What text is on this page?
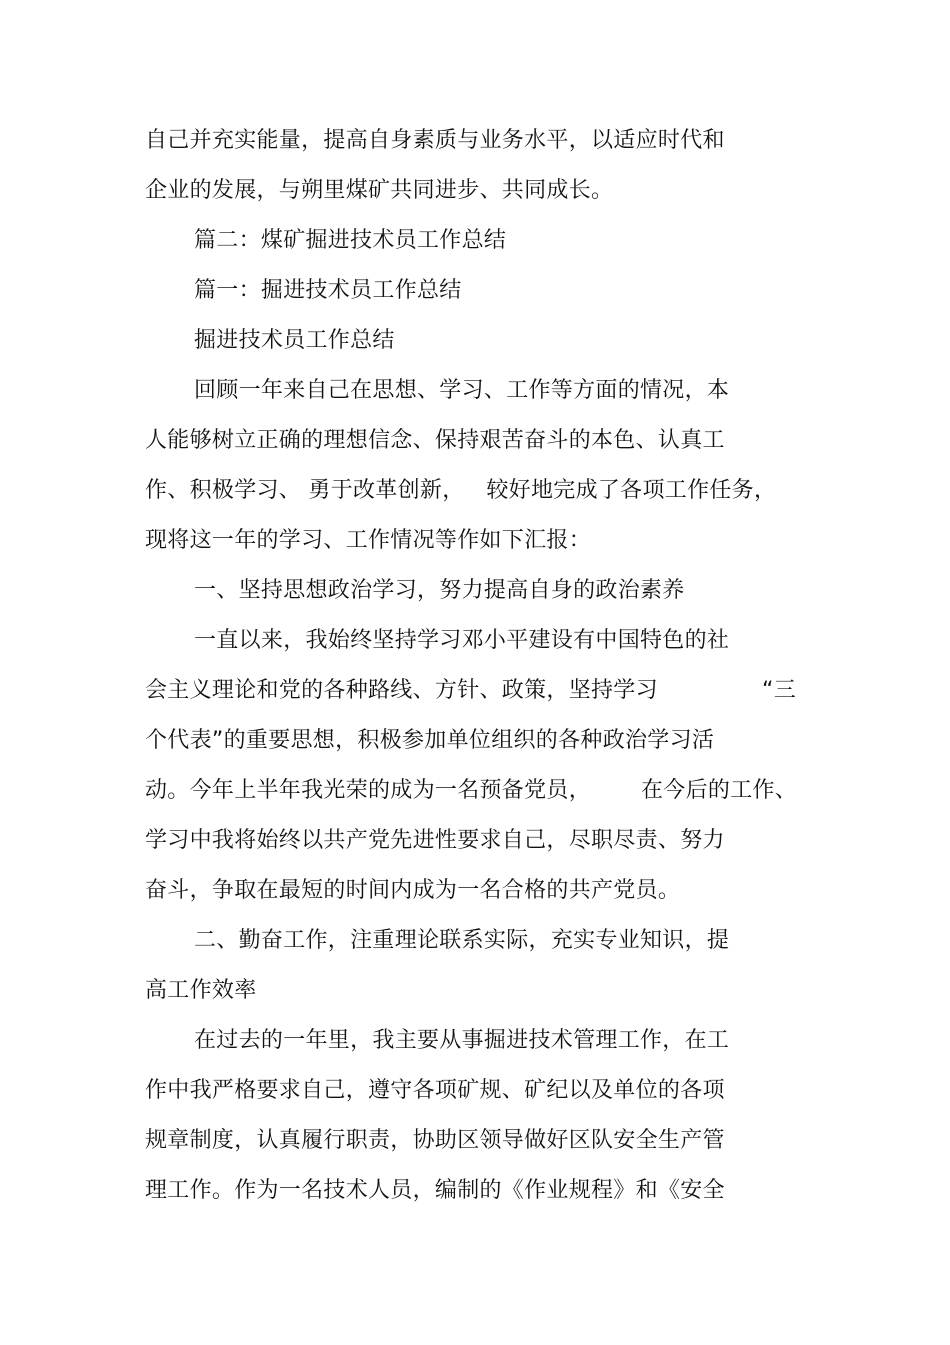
自己并充实能量，提高自身素质与业务水平，以适应时代和
企业的发展，与朔里煤矿共同进步、共同成长。
篇二：煤矿掘进技术员工作总结
篇一：掘进技术员工作总结
掘进技术员工作总结
回顾一年来自己在思想、学习、工作等方面的情况，本
人能够树立正确的理想信念、保持艰苦奋斗的本色、认真工
作、积极学习、 勇于改革创新，   较好地完成了各项工作任务，
现将这一年的学习、工作情况等作如下汇报：
一、坚持思想政治学习，努力提高自身的政治素养
一直以来，我始终坚持学习邓小平建设有中国特色的社
会主义理论和党的各种路线、方针、政策，坚持学习	“三
个代表”的重要思想，积极参加单位组织的各种政治学习活
动。今年上半年我光荣的成为一名预备党员， 在今后的工作、
学习中我将始终以共产党先进性要求自己，尽职尽责、努力
奋斗，争取在最短的时间内成为一名合格的共产党员。
二、勤奋工作，注重理论联系实际，充实专业知识，提
高工作效率
在过去的一年里，我主要从事掘进技术管理工作，在工
作中我严格要求自己，遵守各项矿规、矿纪以及单位的各项
规章制度，认真履行职责，协助区领导做好区队安全生产管
理工作。作为一名技术人员，编制的《作业规程》和《安全
